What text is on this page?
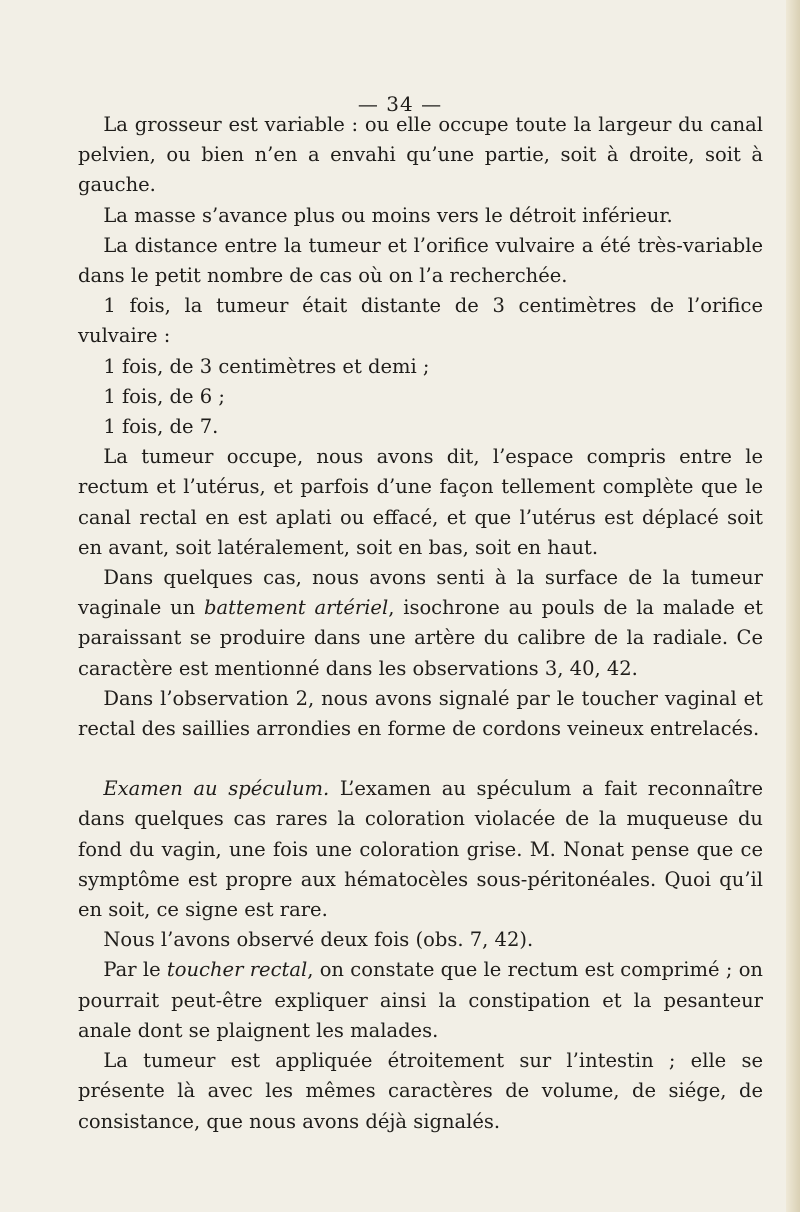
— 34 —

La grosseur est variable : ou elle occupe toute la largeur du canal pelvien, ou bien n’en a envahi qu’une partie, soit à droite, soit à gauche.

La masse s’avance plus ou moins vers le détroit inférieur.

La distance entre la tumeur et l’orifice vulvaire a été très-variable dans le petit nombre de cas où on l’a recherchée.

1 fois, la tumeur était distante de 3 centimètres de l’orifice vulvaire :

1 fois, de 3 centimètres et demi ;

1 fois, de 6 ;

1 fois, de 7.

La tumeur occupe, nous avons dit, l’espace compris entre le rectum et l’utérus, et parfois d’une façon tellement complète que le canal rectal en est aplati ou effacé, et que l’utérus est déplacé soit en avant, soit latéralement, soit en bas, soit en haut.

Dans quelques cas, nous avons senti à la surface de la tumeur vaginale un battement artériel, isochrone au pouls de la malade et paraissant se produire dans une artère du calibre de la radiale. Ce caractère est mentionné dans les observations 3, 40, 42.

Dans l’observation 2, nous avons signalé par le toucher vaginal et rectal des saillies arrondies en forme de cordons veineux entrelacés.

Examen au spéculum. L’examen au spéculum a fait reconnaître dans quelques cas rares la coloration violacée de la muqueuse du fond du vagin, une fois une coloration grise. M. Nonat pense que ce symptôme est propre aux hématocèles sous-péritonéales. Quoi qu’il en soit, ce signe est rare.

Nous l’avons observé deux fois (obs. 7, 42).

Par le toucher rectal, on constate que le rectum est comprimé ; on pourrait peut-être expliquer ainsi la constipation et la pesanteur anale dont se plaignent les malades.

La tumeur est appliquée étroitement sur l’intestin ; elle se présente là avec les mêmes caractères de volume, de siége, de consistance, que nous avons déjà signalés.
